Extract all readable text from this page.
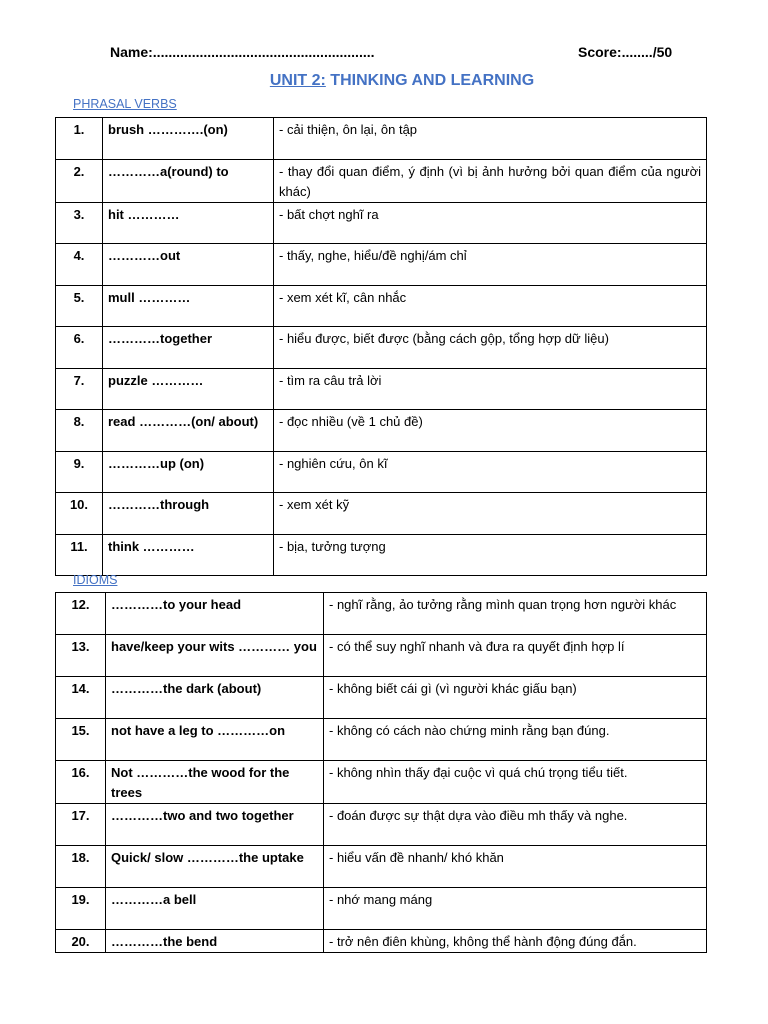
Name:.........................................................	Score:......../50
UNIT 2: THINKING AND LEARNING
PHRASAL VERBS
1.	brush ………….(on)	- cải thiện, ôn lại, ôn tập
2.	…………a(round) to	- thay đổi quan điểm, ý định (vì bị ảnh hưởng bởi quan điểm của người khác)
3.	hit …………	- bất chợt nghĩ ra
4.	…………out	- thấy, nghe, hiểu/đề nghị/ám chỉ
5.	mull …………	- xem xét kĩ, cân nhắc
6.	…………together	- hiểu được, biết được (bằng cách gộp, tổng hợp dữ liệu)
7.	puzzle …………	- tìm ra câu trả lời
8.	read …………(on/ about)	- đọc nhiều (về 1 chủ đề)
9.	…………up (on)	- nghiên cứu, ôn kĩ
10.	…………through	- xem xét kỹ
11.	think …………	- bịa, tưởng tượng
IDIOMS
12.	…………to your head	- nghĩ rằng, ảo tưởng rằng mình quan trọng hơn người khác
13.	have/keep your wits ………… you	- có thể suy nghĩ nhanh và đưa ra quyết định hợp lí
14.	…………the dark (about)	- không biết cái gì (vì người khác giấu bạn)
15.	not have a leg to …………on	- không có cách nào chứng minh rằng bạn đúng.
16.	Not …………the wood for the trees	- không nhìn thấy đại cuộc vì quá chú trọng tiểu tiết.
17.	…………two and two together	- đoán được sự thật dựa vào điều mh thấy và nghe.
18.	Quick/ slow …………the uptake	- hiểu vấn đề nhanh/ khó khăn
19.	…………a bell	- nhớ mang máng
20.	…………the bend	- trở nên điên khùng, không thể hành động đúng đắn.
